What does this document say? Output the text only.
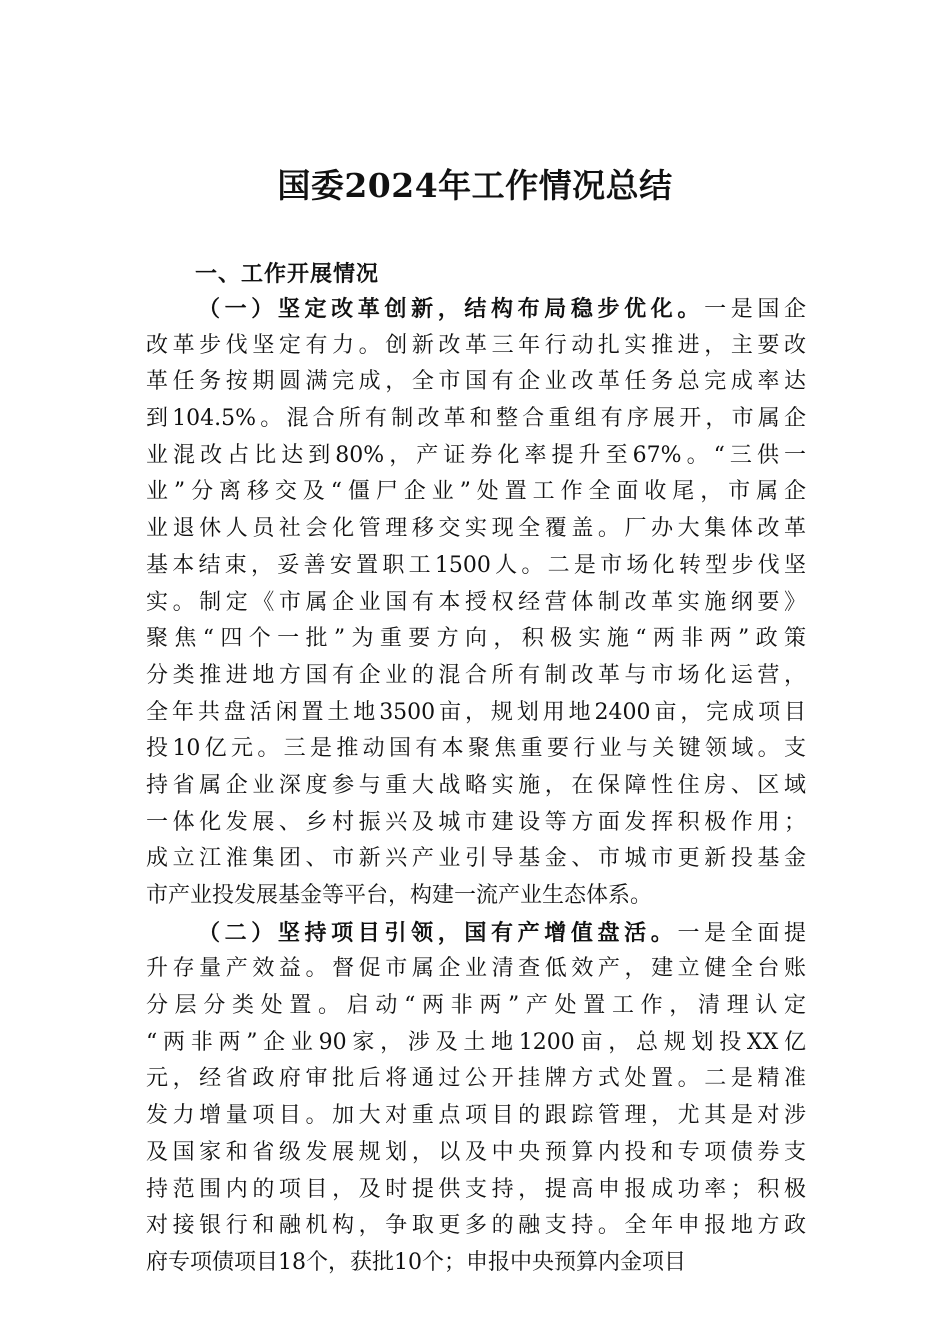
国委2024年工作情况总结
一、工作开展情况
（一）坚定改革创新，结构布局稳步优化。一是国企
改革步伐坚定有力。创新改革三年行动扎实推进，主要改
革任务按期圆满完成，全市国有企业改革任务总完成率达
到104.5%。混合所有制改革和整合重组有序展开，市属企
业混改占比达到80%，产证券化率提升至67%。“三供一
业”分离移交及“僵尸企业”处置工作全面收尾，市属企
业退休人员社会化管理移交实现全覆盖。厂办大集体改革
基本结束，妥善安置职工1500人。二是市场化转型步伐坚
实。制定《市属企业国有本授权经营体制改革实施纲要》
聚焦“四个一批”为重要方向，积极实施“两非两”政策
分类推进地方国有企业的混合所有制改革与市场化运营，
全年共盘活闲置土地3500亩，规划用地2400亩，完成项目
投10亿元。三是推动国有本聚焦重要行业与关键领域。支
持省属企业深度参与重大战略实施，在保障性住房、区域
一体化发展、乡村振兴及城市建设等方面发挥积极作用；
成立江淮集团、市新兴产业引导基金、市城市更新投基金
市产业投发展基金等平台，构建一流产业生态体系。
（二）坚持项目引领，国有产增值盘活。一是全面提
升存量产效益。督促市属企业清查低效产，建立健全台账
分层分类处置。启动“两非两”产处置工作，清理认定
“两非两”企业90家，涉及土地1200亩，总规划投XX亿
元，经省政府审批后将通过公开挂牌方式处置。二是精准
发力增量项目。加大对重点项目的跟踪管理，尤其是对涉
及国家和省级发展规划，以及中央预算内投和专项债券支
持范围内的项目，及时提供支持，提高申报成功率；积极
对接银行和融机构，争取更多的融支持。全年申报地方政
府专项债项目18个，获批10个；申报中央预算内金项目
